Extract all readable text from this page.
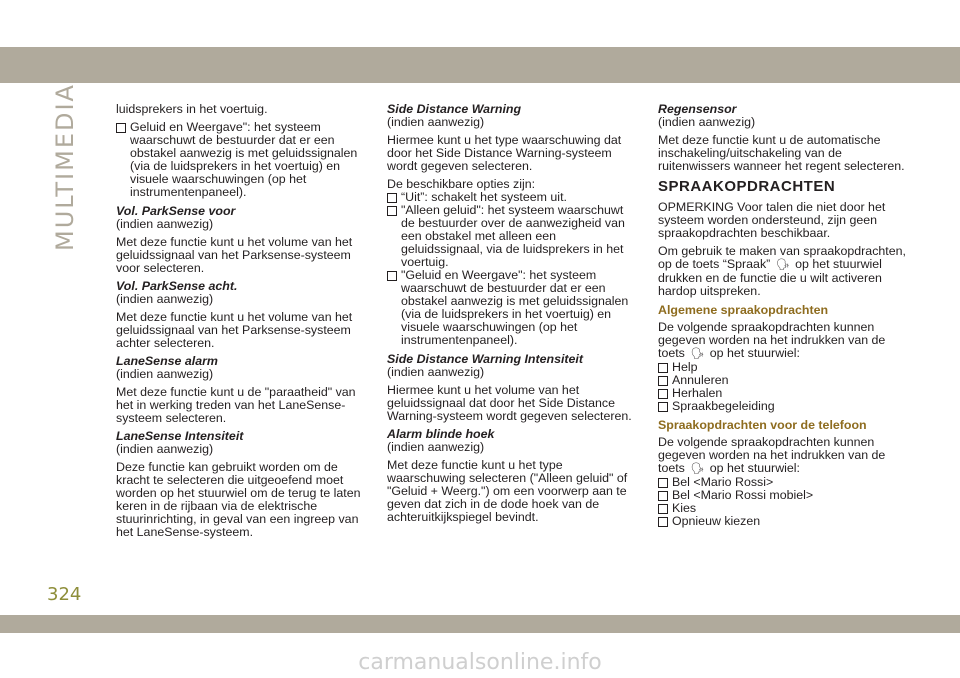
MULTIMEDIA	luidsprekers in het voertuig.

Geluid en Weergave": het systeem waarschuwt de bestuurder dat er een obstakel aanwezig is met geluidssignalen (via de luidsprekers in het voertuig) en visuele waarschuwingen (op het instrumentenpaneel).
Vol. ParkSense voor

(indien aanwezig)

Met deze functie kunt u het volume van het geluidssignaal van het Parksense-systeem voor selecteren.

Vol. ParkSense acht.

(indien aanwezig)

Met deze functie kunt u het volume van het geluidssignaal van het Parksense-systeem achter selecteren.

LaneSense alarm

(indien aanwezig)

Met deze functie kunt u de "paraatheid" van het in werking treden van het LaneSense-systeem selecteren.

LaneSense Intensiteit

(indien aanwezig)

Deze functie kan gebruikt worden om de kracht te selecteren die uitgeoefend moet worden op het stuurwiel om de terug te laten keren in de rijbaan via de elektrische stuurinrichting, in geval van een ingreep van het LaneSense-systeem.

Side Distance Warning

(indien aanwezig)

Hiermee kunt u het type waarschuwing dat door het Side Distance Warning-systeem wordt gegeven selecteren.

De beschikbare opties zijn:

“Uit”: schakelt het systeem uit.
"Alleen geluid": het systeem waarschuwt de bestuurder over de aanwezigheid van een obstakel met alleen een geluidssignaal, via de luidsprekers in het voertuig.
"Geluid en Weergave": het systeem waarschuwt de bestuurder dat er een obstakel aanwezig is met geluidssignalen (via de luidsprekers in het voertuig) en visuele waarschuwingen (op het instrumentenpaneel).
Side Distance Warning Intensiteit

(indien aanwezig)

Hiermee kunt u het volume van het geluidssignaal dat door het Side Distance Warning-systeem wordt gegeven selecteren.

Alarm blinde hoek

(indien aanwezig)

Met deze functie kunt u het type waarschuwing selecteren ("Alleen geluid" of "Geluid + Weerg.") om een voorwerp aan te geven dat zich in de dode hoek van de achteruitkijkspiegel bevindt.

Regensensor

(indien aanwezig)

Met deze functie kunt u de automatische inschakeling/uitschakeling van de ruitenwissers wanneer het regent selecteren.

SPRAAKOPDRACHTEN

OPMERKING Voor talen die niet door het systeem worden ondersteund, zijn geen spraakopdrachten beschikbaar.

Om gebruik te maken van spraakopdrachten, op de toets “Spraak” 🗣 op het stuurwiel drukken en de functie die u wilt activeren hardop uitspreken.

Algemene spraakopdrachten

De volgende spraakopdrachten kunnen gegeven worden na het indrukken van de toets 🗣 op het stuurwiel:

Help
Annuleren
Herhalen
Spraakbegeleiding
Spraakopdrachten voor de telefoon

De volgende spraakopdrachten kunnen gegeven worden na het indrukken van de toets 🗣 op het stuurwiel:

Bel <Mario Rossi>
Bel <Mario Rossi mobiel>
Kies
Opnieuw kiezen
324
carmanualsonline.info
